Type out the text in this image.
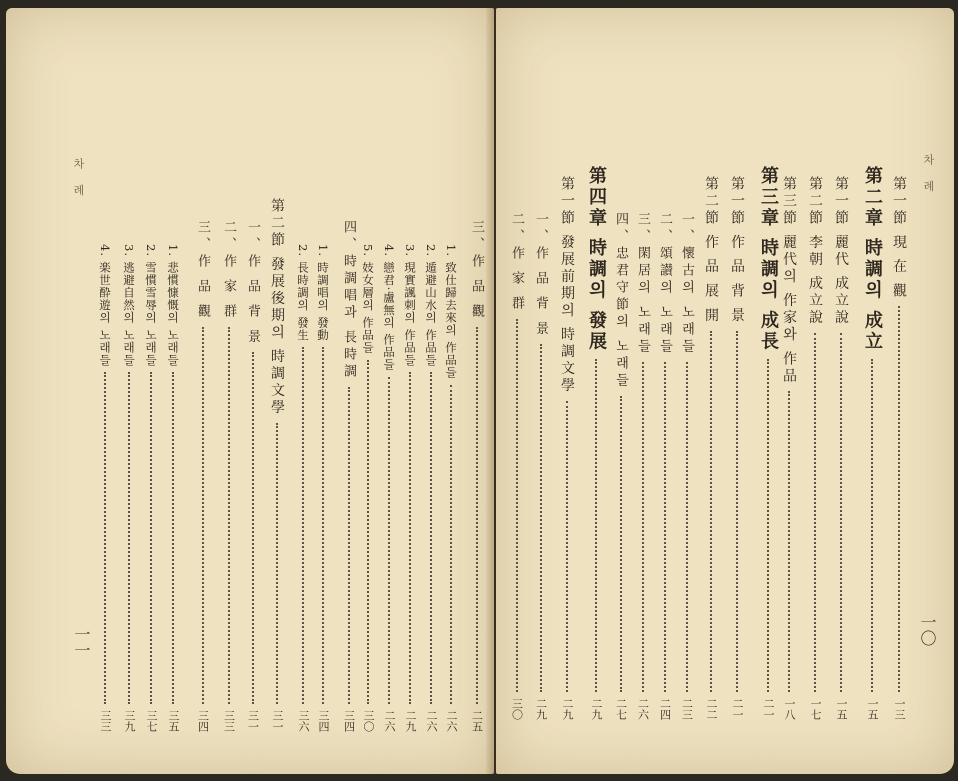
차 례
一一
三、作 品 觀
二五
1. 致仕歸去來의 作品들
二六
2. 遁避山水의 作品들
二六
3. 現實諷刺의 作品들
二九
4. 戀君·盧無의 作品들
二六
5. 妓女層의 作品들
三〇
四、時調唱과 長時調
三四
1. 時調唱의 發動
三四
2. 長時調의 發生
三六
第二節 發展後期의 時調文學
三一
一、作 品 背 景
三一
二、作 家 群
三三
三、作 品 觀
三四
1. 悲慣慷慨의 노래들
三五
2. 雪慣雪辱의 노래들
三七
3. 逃避自然의 노래들
三九
4. 楽世酔遊의 노래들
三三
차 례
一〇
第一節 現 在 觀
一三
第二章 時調의 成立
一五
第一節 麗代 成立說
一五
第二節 李朝 成立說
一七
第三節 麗代의 作家와 作品
一八
第三章 時調의 成長
二一
第一節 作 品 背 景
二一
第二節 作 品 展 開
二二
一、懷古의 노래들
二三
二、頌讃의 노래들
二四
三、閑居의 노래들
二六
四、忠君守節의 노래들
二七
第四章 時調의 發展
二九
第一節 發展前期의 時調文學
二九
一、作 品 背 景
二九
二、作 家 群
三〇
